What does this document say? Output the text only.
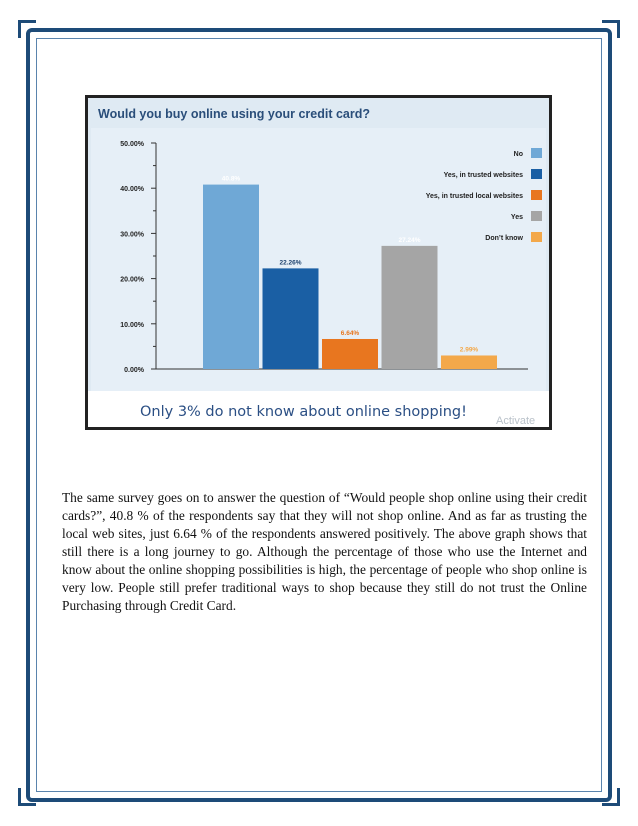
Would you buy online using your credit card?
0.00%
10.00%
20.00%
30.00%
40.00%
50.00%
40.8%
22.26%
6.64%
27.24%
2.99%
No
Yes, in trusted websites
Yes, in trusted local websites
Yes
Don’t know
Only 3% do not know about online shopping!
Activate

The same survey goes on to answer the question of “Would people shop online using their credit cards?”, 40.8 % of the respondents say that they will not shop online. And as far as trusting the local web sites, just 6.64 % of the respondents answered positively. The above graph shows that still there is a long journey to go. Although the percentage of those who use the Internet and know about the online shopping possibilities is high, the percentage of people who shop online is very low. People still prefer traditional ways to shop because they still do not trust the Online Purchasing through Credit Card.
